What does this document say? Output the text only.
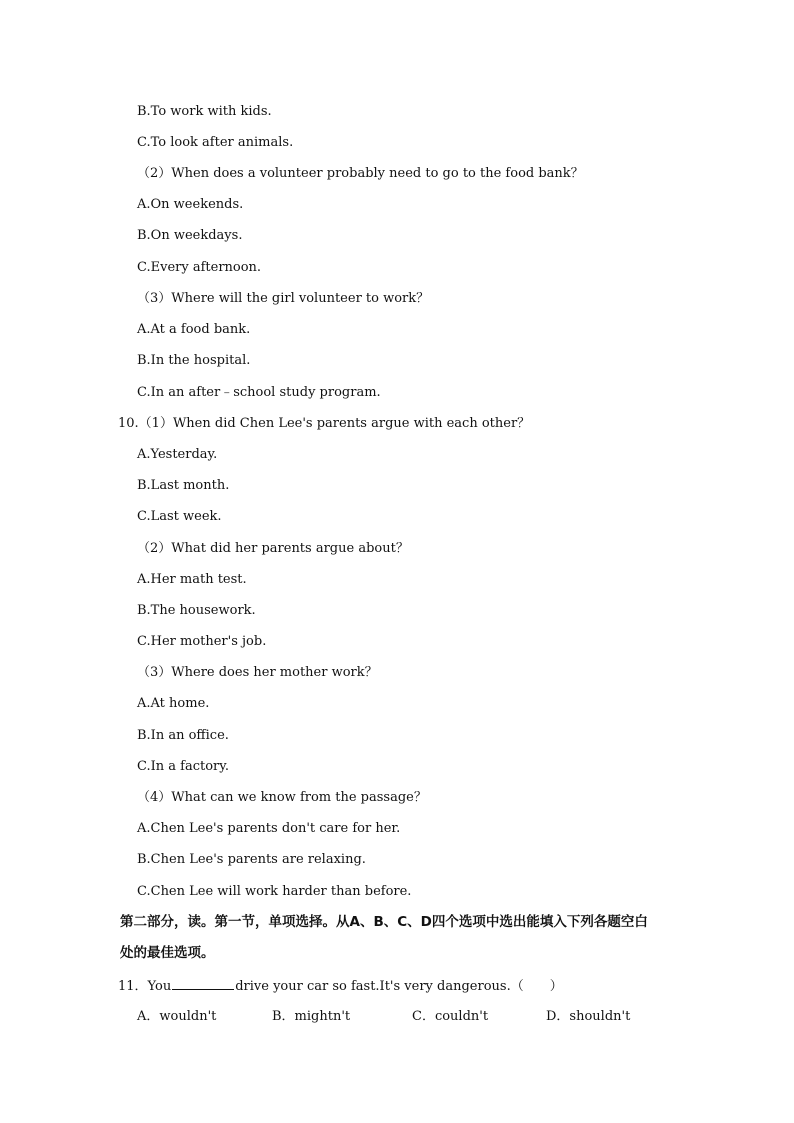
B.To work with kids.
C.To look after animals.
（2）When does a volunteer probably need to go to the food bank？
A.On weekends.
B.On weekdays.
C.Every afternoon.
（3）Where will the girl volunteer to work？
A.At a food bank.
B.In the hospital.
C.In an after﹣school study program.
10.（1）When did Chen Lee's parents argue with each other？
A.Yesterday.
B.Last month.
C.Last week.
（2）What did her parents argue about？
A.Her math test.
B.The housework.
C.Her mother's job.
（3）Where does her mother work？
A.At home.
B.In an office.
C.In a factory.
（4）What can we know from the passage？
A.Chen Lee's parents don't care for her.
B.Chen Lee's parents are relaxing.
C.Chen Lee will work harder than before.
第二部分，读。第一节，单项选择。从A、B、C、D四个选项中选出能填入下列各题空白
处的最佳选项。
11．You	drive your car so fast.It's very dangerous.（　　）
A．wouldn't	B．mightn't	C．couldn't	D．shouldn't
